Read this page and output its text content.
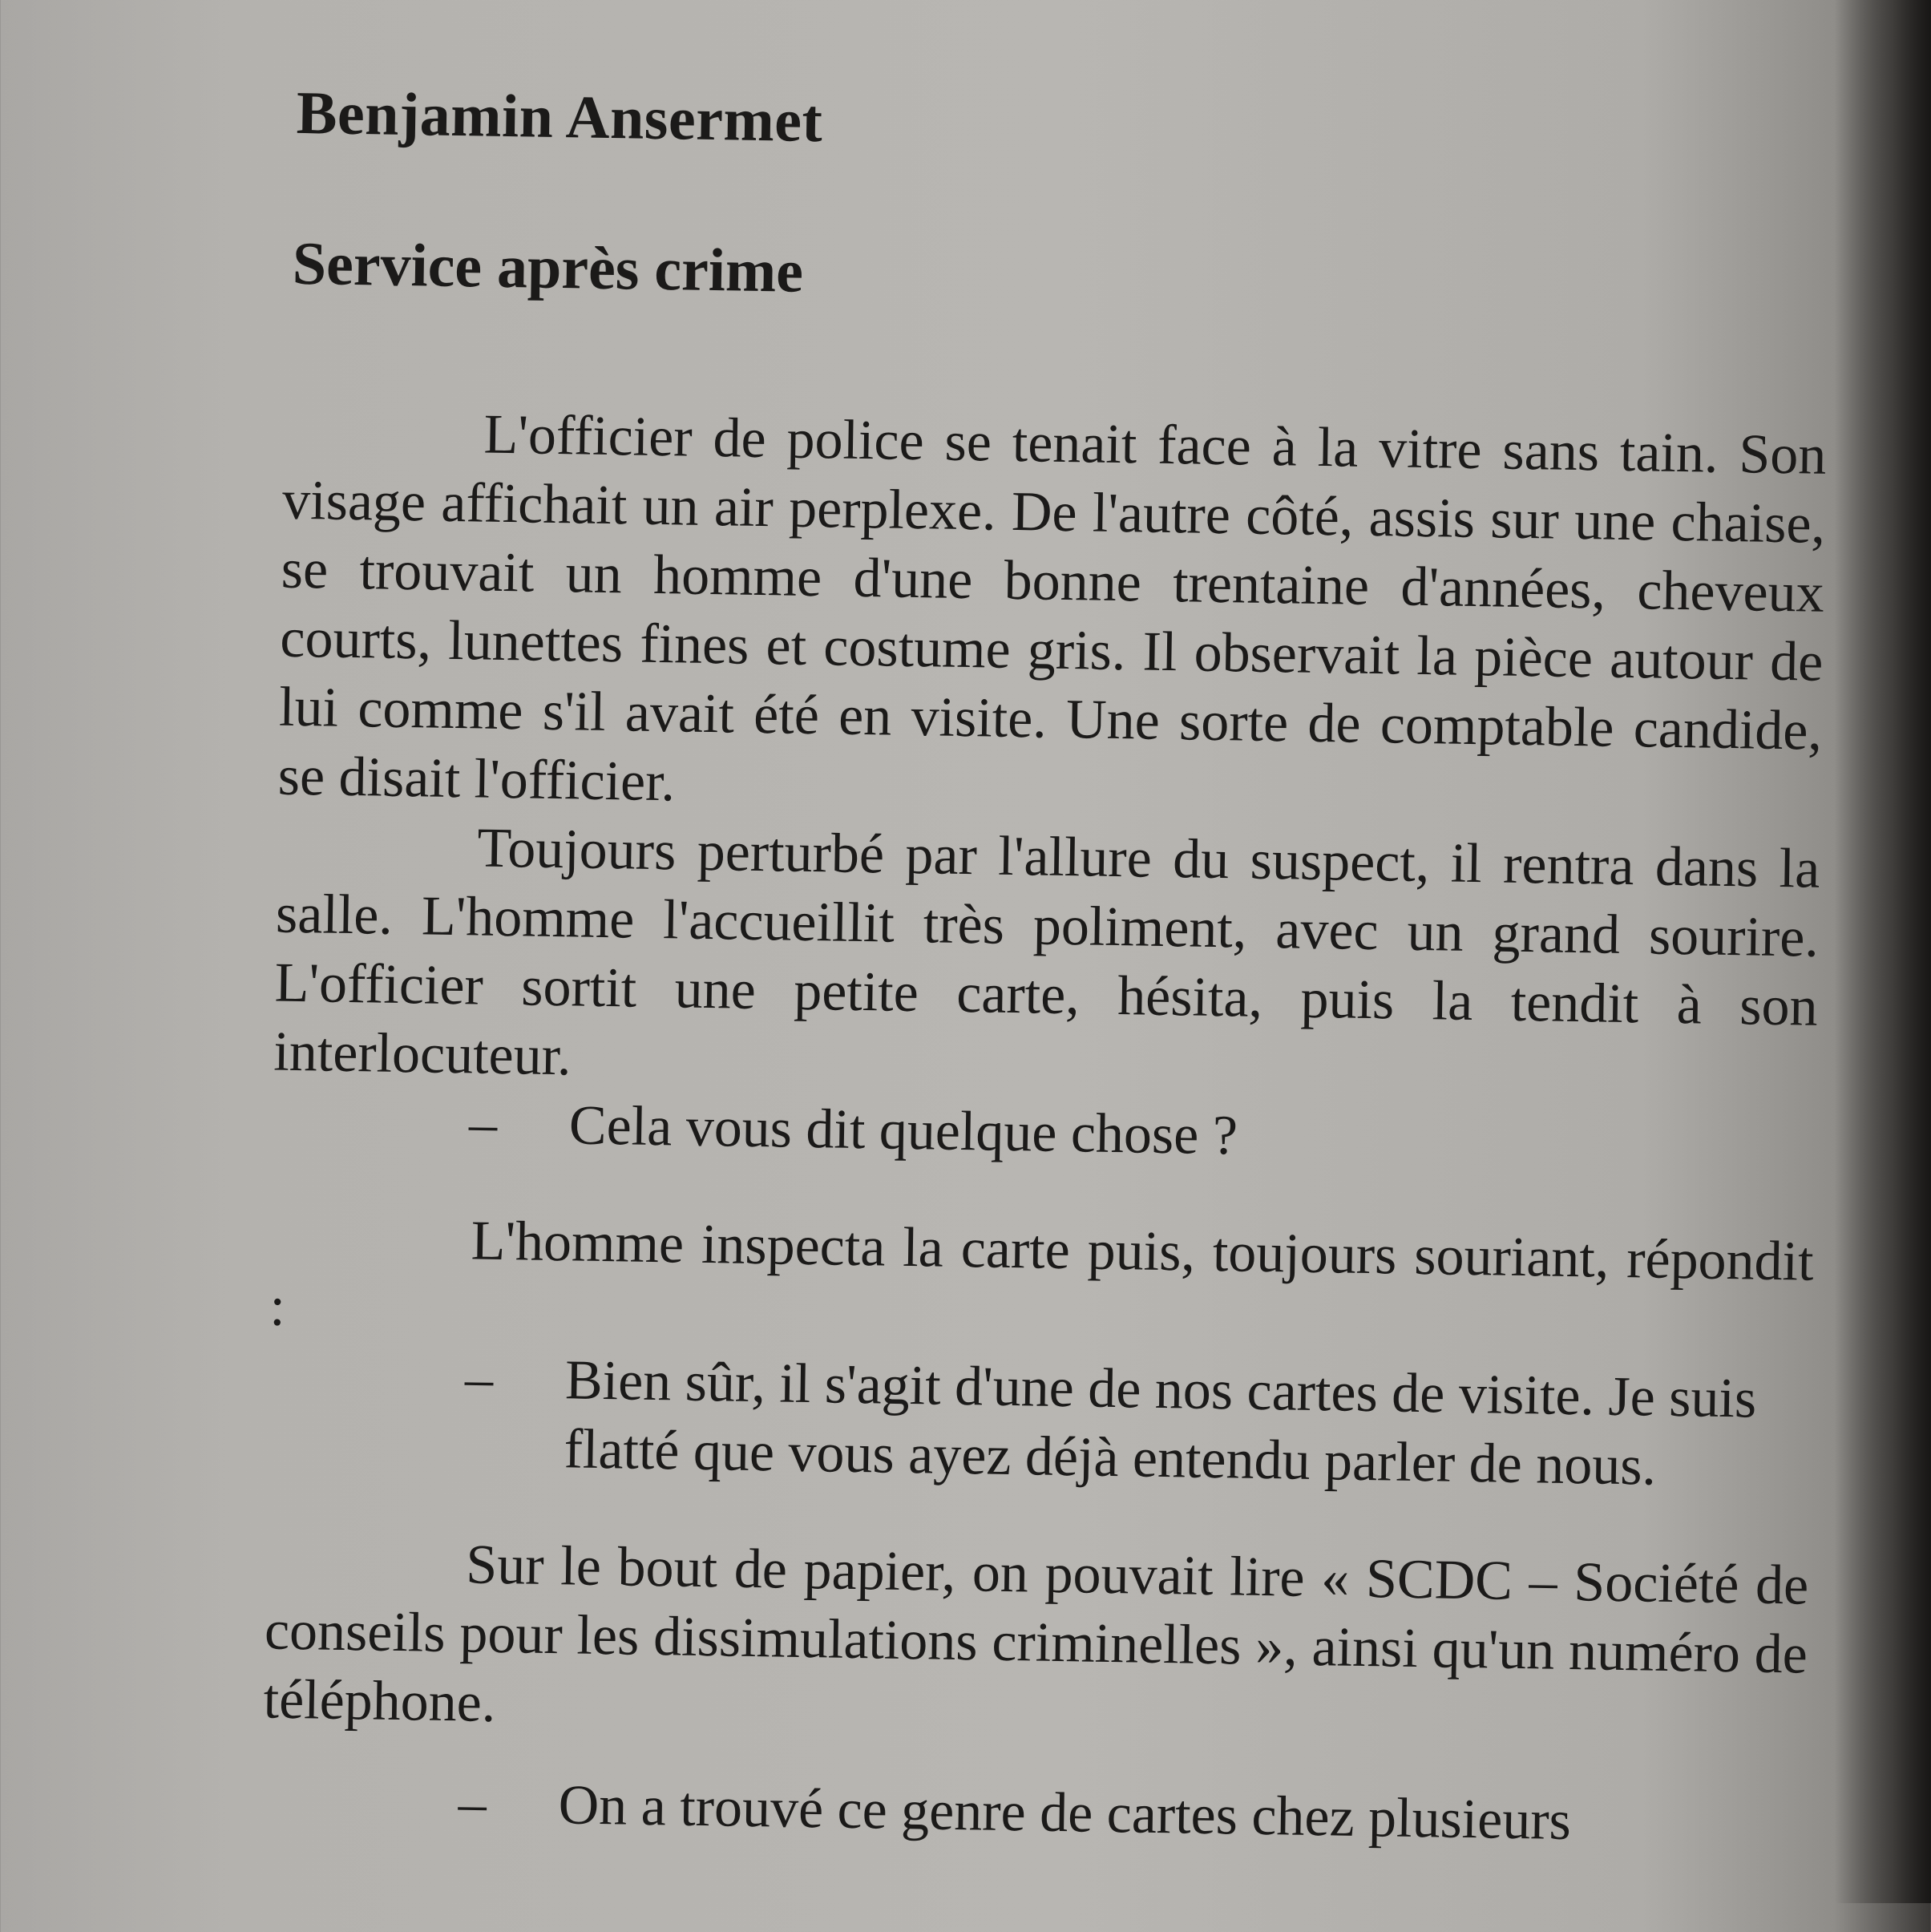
Benjamin Ansermet
Service après crime

L'officier de police se tenait face à la vitre sans tain. Son visage affichait un air perplexe. De l'autre côté, assis sur une chaise, se trouvait un homme d'une bonne trentaine d'années, cheveux courts, lunettes fines et costume gris. Il observait la pièce autour de lui comme s'il avait été en visite. Une sorte de comptable candide, se disait l'officier.

Toujours perturbé par l'allure du suspect, il rentra dans la salle. L'homme l'accueillit très poliment, avec un grand sourire. L'officier sortit une petite carte, hésita, puis la tendit à son interlocuteur.

–	Cela vous dit quelque chose ?

L'homme inspecta la carte puis, toujours souriant, répondit :

–	Bien sûr, il s'agit d'une de nos cartes de visite. Je suis flatté que vous ayez déjà entendu parler de nous.

Sur le bout de papier, on pouvait lire « SCDC – Société de conseils pour les dissimulations criminelles », ainsi qu'un numéro de téléphone.

–	On a trouvé ce genre de cartes chez plusieurs
